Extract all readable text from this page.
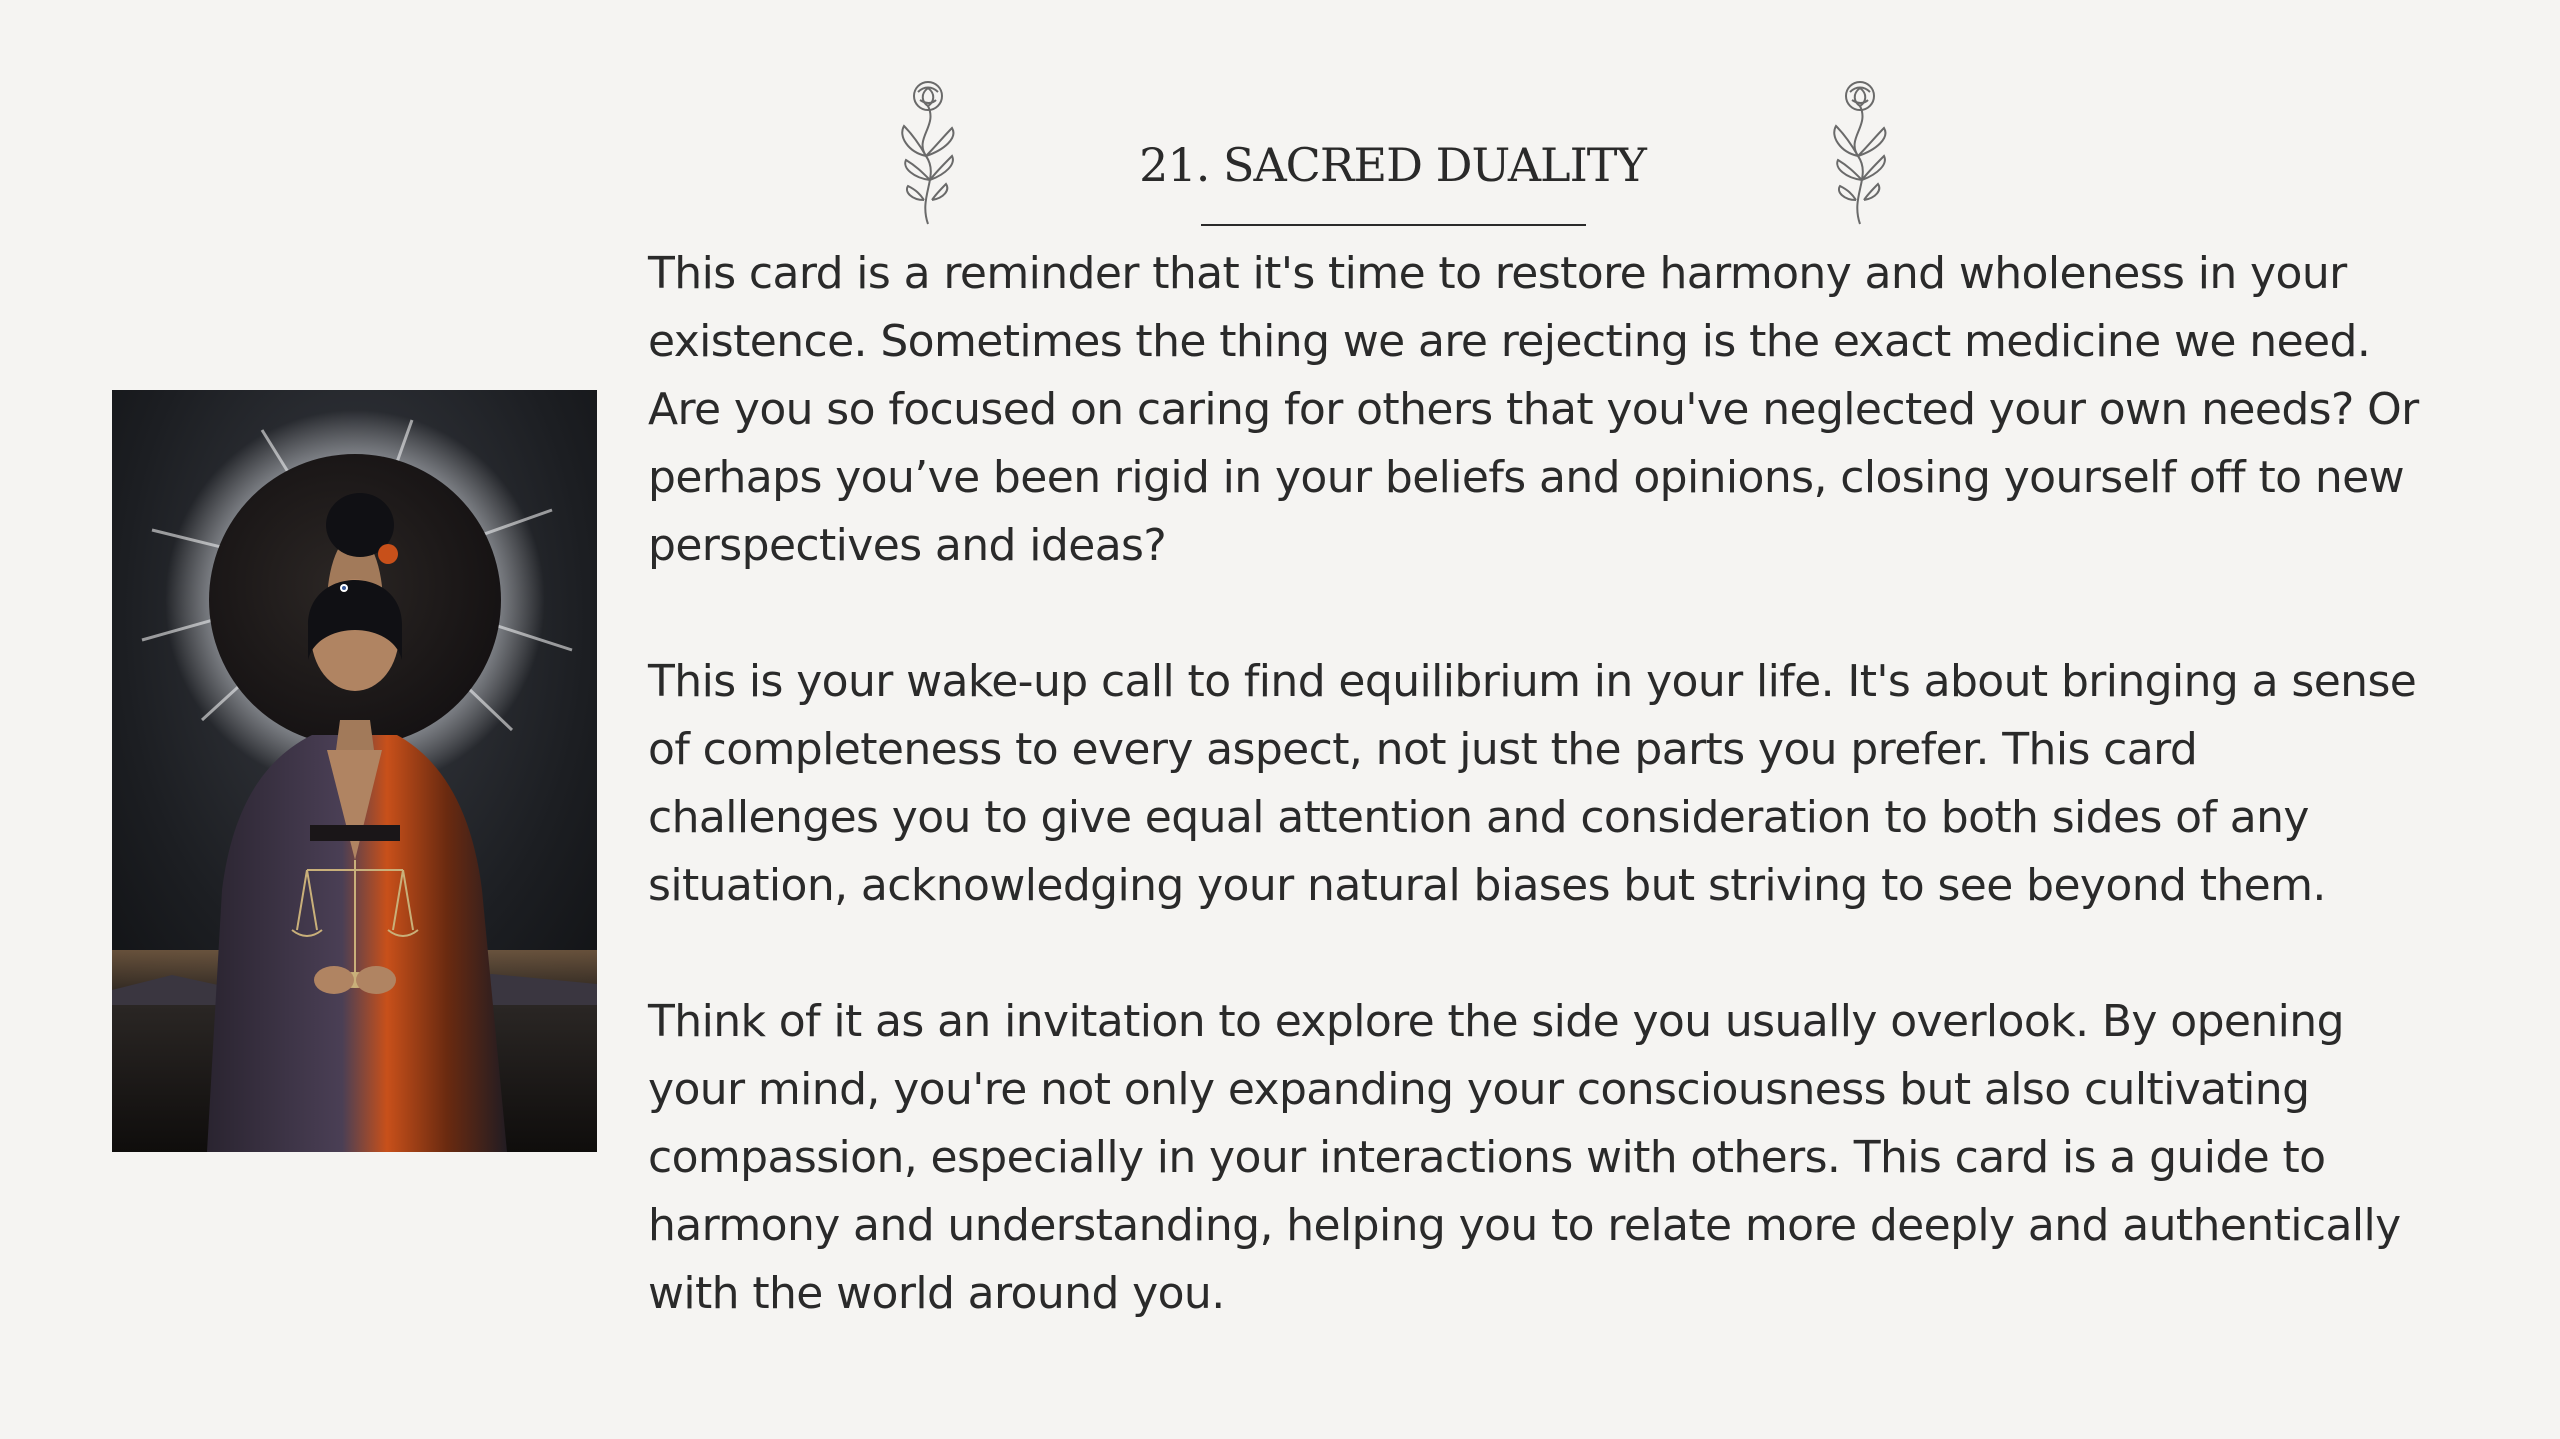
21. SACRED DUALITY

This card is a reminder that it's time to restore harmony and wholeness in your existence. Sometimes the thing we are rejecting is the exact medicine we need. Are you so focused on caring for others that you've neglected your own needs? Or perhaps you’ve been rigid in your beliefs and opinions, closing yourself off to new perspectives and ideas?

This is your wake-up call to find equilibrium in your life. It's about bringing a sense of completeness to every aspect, not just the parts you prefer. This card challenges you to give equal attention and consideration to both sides of any situation, acknowledging your natural biases but striving to see beyond them.

Think of it as an invitation to explore the side you usually overlook. By opening your mind, you're not only expanding your consciousness but also cultivating compassion, especially in your interactions with others. This card is a guide to harmony and understanding, helping you to relate more deeply and authentically with the world around you.
